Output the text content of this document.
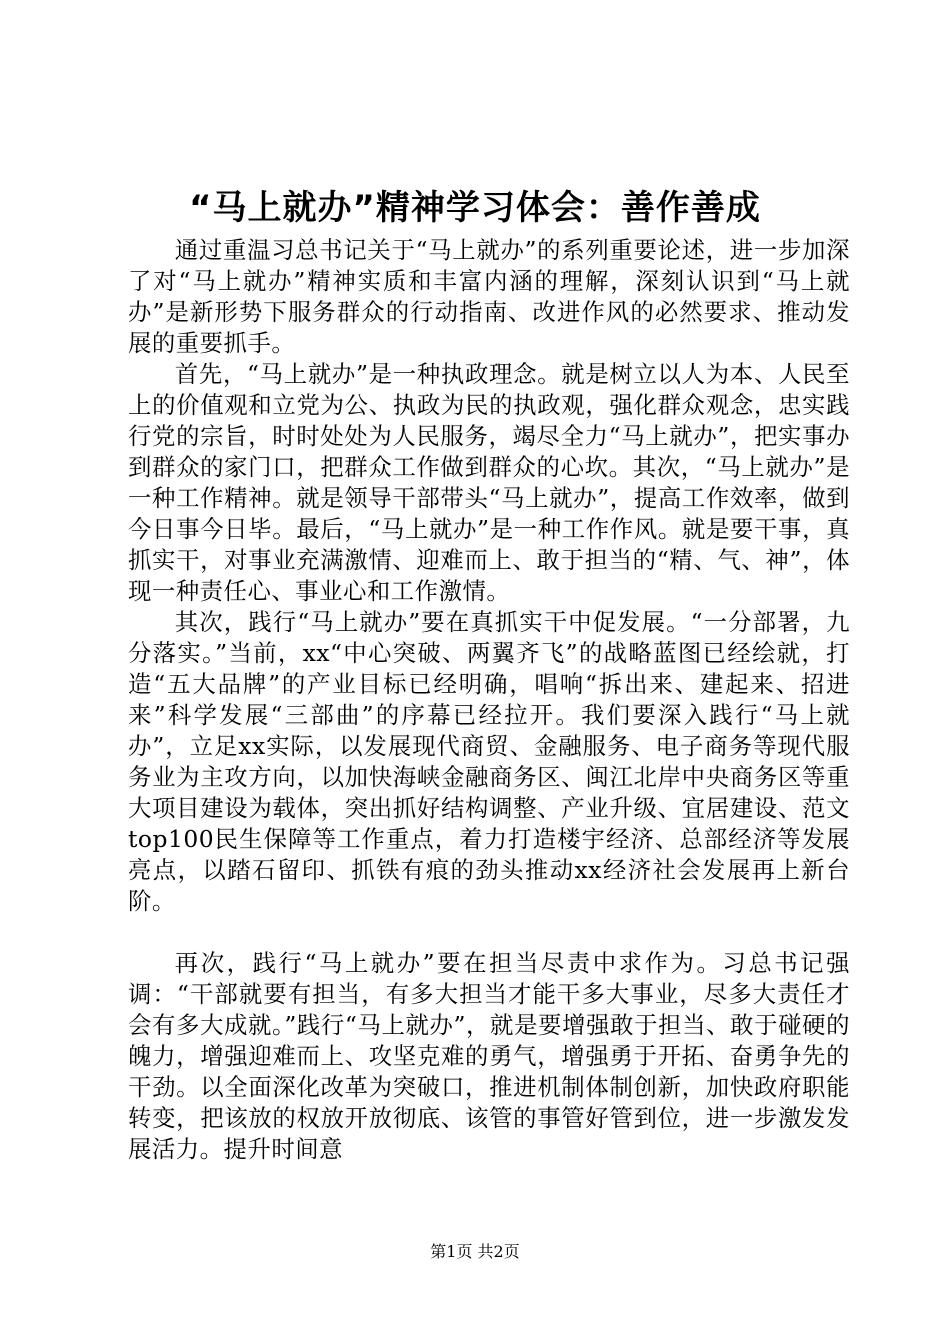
“马上就办”精神学习体会：善作善成

通过重温习总书记关于“马上就办”的系列重要论述，进一步加深了对“马上就办”精神实质和丰富内涵的理解，深刻认识到“马上就办”是新形势下服务群众的行动指南、改进作风的必然要求、推动发展的重要抓手。

首先，“马上就办”是一种执政理念。就是树立以人为本、人民至上的价值观和立党为公、执政为民的执政观，强化群众观念，忠实践行党的宗旨，时时处处为人民服务，竭尽全力“马上就办”，把实事办到群众的家门口，把群众工作做到群众的心坎。其次，“马上就办”是一种工作精神。就是领导干部带头“马上就办”，提高工作效率，做到今日事今日毕。最后，“马上就办”是一种工作作风。就是要干事，真抓实干，对事业充满激情、迎难而上、敢于担当的“精、气、神”，体现一种责任心、事业心和工作激情。

其次，践行“马上就办”要在真抓实干中促发展。“一分部署，九分落实。”当前，xx“中心突破、两翼齐飞”的战略蓝图已经绘就，打造“五大品牌”的产业目标已经明确，唱响“拆出来、建起来、招进来”科学发展“三部曲”的序幕已经拉开。我们要深入践行“马上就办”，立足xx实际，以发展现代商贸、金融服务、电子商务等现代服务业为主攻方向，以加快海峡金融商务区、闽江北岸中央商务区等重大项目建设为载体，突出抓好结构调整、产业升级、宜居建设、范文top100民生保障等工作重点，着力打造楼宇经济、总部经济等发展亮点，以踏石留印、抓铁有痕的劲头推动xx经济社会发展再上新台阶。

再次，践行“马上就办”要在担当尽责中求作为。习总书记强调：“干部就要有担当，有多大担当才能干多大事业，尽多大责任才会有多大成就。”践行“马上就办”，就是要增强敢于担当、敢于碰硬的魄力，增强迎难而上、攻坚克难的勇气，增强勇于开拓、奋勇争先的干劲。以全面深化改革为突破口，推进机制体制创新，加快政府职能转变，把该放的权放开放彻底、该管的事管好管到位，进一步激发发展活力。提升时间意

第1页 共2页
